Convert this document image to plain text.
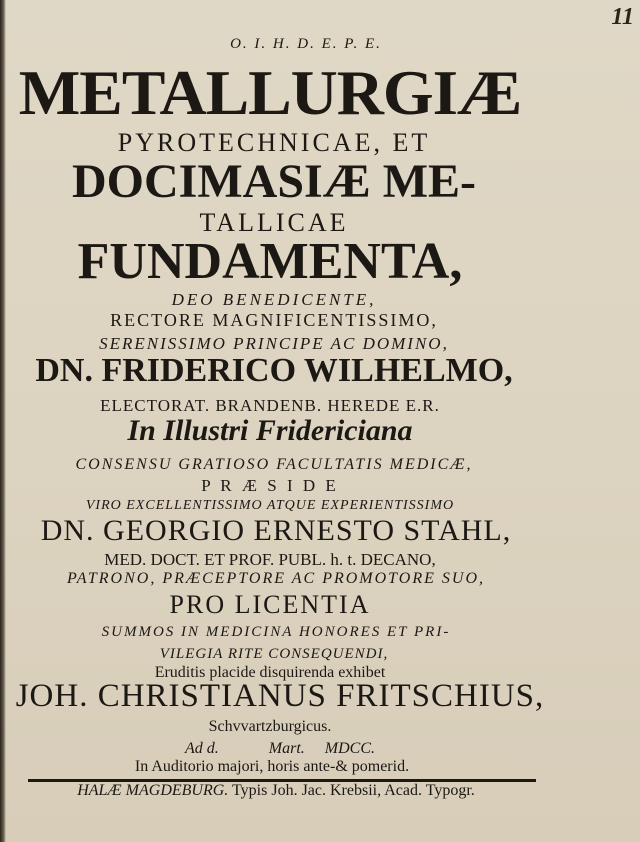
11
O. I. H. D. E. P. E.
METALLURGIÆ
PYROTECHNICAE, ET
DOCIMASIÆ ME-
TALLICAE
FUNDAMENTA,
DEO BENEDICENTE,
RECTORE MAGNIFICENTISSIMO,
SERENISSIMO PRINCIPE AC DOMINO,
DN. FRIDERICO WILHELMO,
ELECTORAT. BRANDENB. HEREDE E.R.
In Illustri Fridericiana
CONSENSU GRATIOSO FACULTATIS MEDICÆ,
P R Æ S I D E
VIRO EXCELLENTISSIMO ATQUE EXPERIENTISSIMO
DN. GEORGIO ERNESTO STAHL,
MED. DOCT. ET PROF. PUBL. h. t. DECANO,
PATRONO, PRÆCEPTORE AC PROMOTORE SUO,
PRO LICENTIA
SUMMOS IN MEDICINA HONORES ET PRI-
VILEGIA RITE CONSEQUENDI,
Eruditis placide disquirenda exhibet
JOH. CHRISTIANUS FRITSCHIUS,
Schvvartzburgicus.
Ad d.	Mart. MDCC.
In Auditorio majori, horis ante-& pomerid.
HALÆ MAGDEBURG. Typis Joh. Jac. Krebsii, Acad. Typogr.
